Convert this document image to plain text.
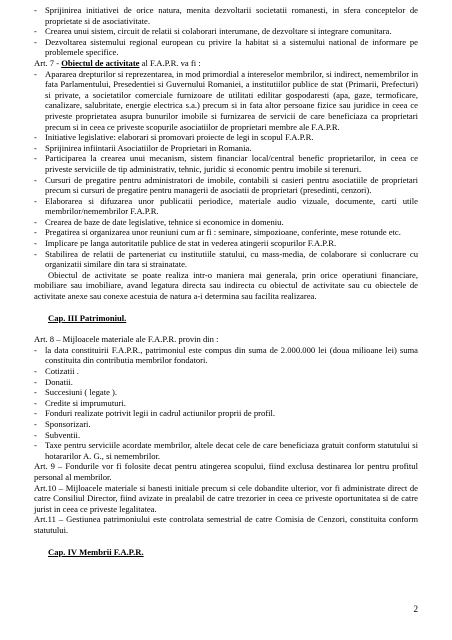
- Sprijinirea initiativei de orice natura, menita dezvoltarii societatii romanesti, in sfera conceptelor de proprietate si de asociativitate.
- Crearea unui sistem, circuit de relatii si colaborari interumane, de dezvoltare si integrare comunitara.
- Dezvoltarea sistemului regional european cu privire la habitat si a sistemului national de informare pe problemele specifice.
Art. 7 - Obiectul de activitate al F.A.P.R. va fi :
- Apararea drepturilor si reprezentarea, in mod primordial a intereselor membrilor, si indirect, nemembrilor in fata Parlamentului, Presedentiei si Guvernului Romaniei, a institutiilor publice de stat (Primarii, Prefecturi) si private, a societatilor comerciale furnizoare de utilitati edilitar gospodaresti (apa, gaze, termoficare, canalizare, salubritate, energie electrica s.a.) precum si in fata altor persoane fizice sau juridice in ceea ce priveste proprietatea asupra bunurilor imobile si furnizarea de servicii de care beneficiaza ca proprietari precum si in ceea ce priveste scopurile asociatiilor de proprietari membre ale F.A.P.R.
- Initiative legislative: elaborari si promovari proiecte de legi in scopul F.A.P.R.
- Sprijinirea infiintarii Asociatiilor de Proprietari in Romania.
- Participarea la crearea unui mecanism, sistem financiar local/central benefic proprietarilor, in ceea ce priveste serviciile de tip administrativ, tehnic, juridic si economic pentru imobile si terenuri.
- Cursuri de pregatire pentru administratori de imobile, contabili si casieri pentru asociatiile de proprietari precum si cursuri de pregatire pentru managerii de asociatii de proprietari (presedinti, cenzori).
- Elaborarea si difuzarea unor publicatii periodice, materiale audio vizuale, documente, carti utile membrilor/nemembrilor F.A.P.R.
- Crearea de baze de date legislative, tehnice si economice in domeniu.
- Pregatirea si organizarea unor reuniuni cum ar fi : seminare, simpozioane, conferinte, mese rotunde etc.
- Implicare pe langa autoritatile publice de stat in vederea atingerii scopurilor F.A.P.R.
- Stabilirea de relatii de parteneriat cu institutiile statului, cu mass-media, de colaborare si conlucrare cu organizatii similare din tara si strainatate.
Obiectul de activitate se poate realiza intr-o maniera mai generala, prin orice operatiuni financiare, mobiliare sau imobiliare, avand legatura directa sau indirecta cu obiectul de activitate sau cu obiectele de activitate anexe sau conexe acestuia de natura a-i determina sau facilita realizarea.
Cap. III Patrimoniul.
Art. 8 – Mijloacele materiale ale F.A.P.R. provin din :
- la data constituirii F.A.P.R., patrimoniul este compus din suma de 2.000.000 lei (doua milioane lei) suma constituita din contributia membrilor fondatori.
- Cotizatii .
- Donatii.
- Succesiuni ( legate ).
- Credite si imprumuturi.
- Fonduri realizate potrivit legii in cadrul actiunilor proprii de profil.
- Sponsorizari.
- Subventii.
- Taxe pentru serviciile acordate membrilor, altele decat cele de care beneficiaza gratuit conform statutului si hotararilor A. G., si nemembrilor.
Art. 9 – Fondurile vor fi folosite decat pentru atingerea scopului, fiind exclusa destinarea lor pentru profitul personal al membrilor.
Art.10 – Mijloacele materiale si banesti initiale precum si cele dobandite ulterior, vor fi administrate direct de catre Consiliul Director, fiind avizate in prealabil de catre trezorier in ceea ce priveste oportunitatea si de catre jurist in ceea ce priveste legalitatea.
Art.11 – Gestiunea patrimoniului este controlata semestrial de catre Comisia de Cenzori, constituita conform statutului.
Cap. IV Membrii F.A.P.R.
2
